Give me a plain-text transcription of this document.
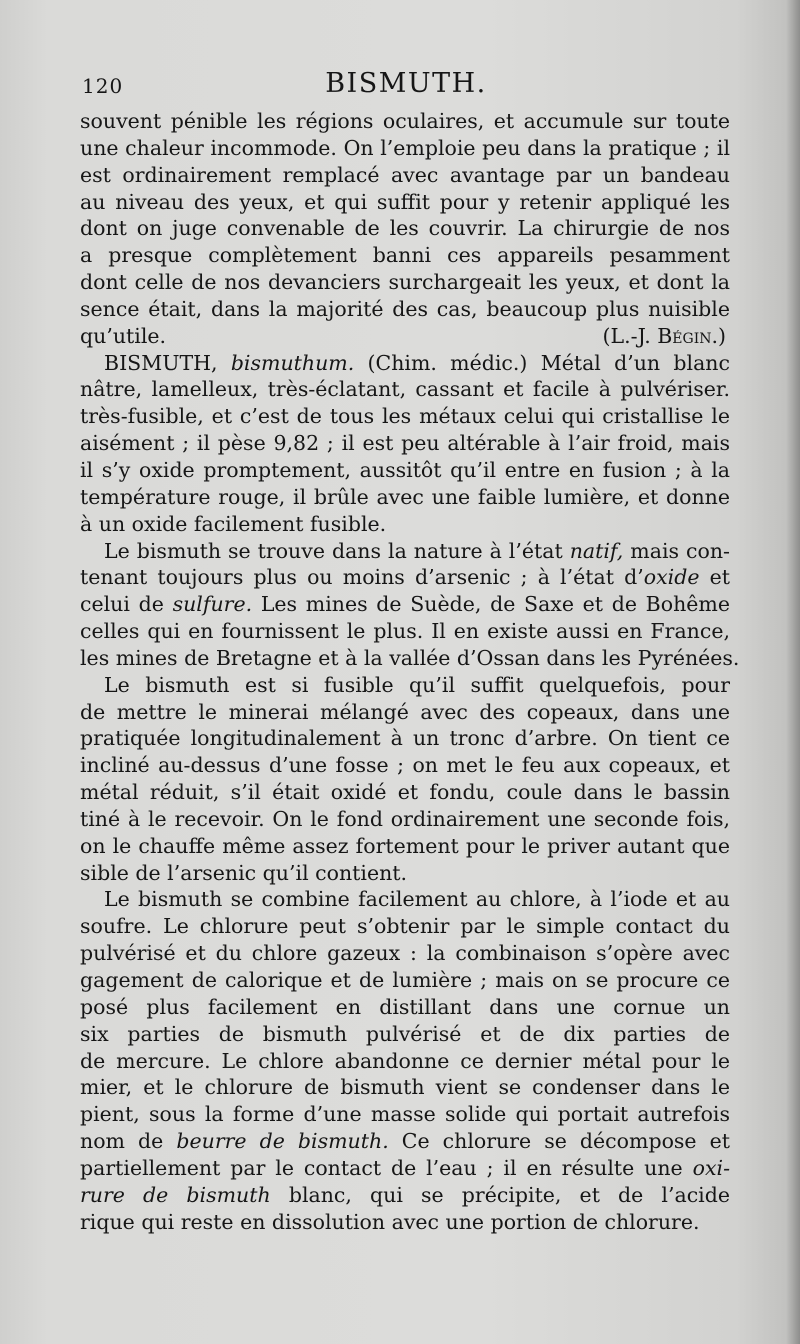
120	BISMUTH.
souvent pénible les régions oculaires, et accumule sur toute
une chaleur incommode. On l’emploie peu dans la pratique ; il
est ordinairement remplacé avec avantage par un bandeau
au niveau des yeux, et qui suffit pour y retenir appliqué les
dont on juge convenable de les couvrir. La chirurgie de nos
a presque complètement banni ces appareils pesamment
dont celle de nos devanciers surchargeait les yeux, et dont la
sence était, dans la majorité des cas, beaucoup plus nuisible
qu’utile.	(L.-J. Bégin.)
BISMUTH, bismuthum. (Chim. médic.) Métal d’un blanc
nâtre, lamelleux, très-éclatant, cassant et facile à pulvériser.
très-fusible, et c’est de tous les métaux celui qui cristallise le
aisément ; il pèse 9,82 ; il est peu altérable à l’air froid, mais
il s’y oxide promptement, aussitôt qu’il entre en fusion ; à la
température rouge, il brûle avec une faible lumière, et donne
à un oxide facilement fusible.
Le bismuth se trouve dans la nature à l’état natif, mais con-
tenant toujours plus ou moins d’arsenic ; à l’état d’oxide et
celui de sulfure. Les mines de Suède, de Saxe et de Bohême
celles qui en fournissent le plus. Il en existe aussi en France,
les mines de Bretagne et à la vallée d’Ossan dans les Pyrénées.
Le bismuth est si fusible qu’il suffit quelquefois, pour
de mettre le minerai mélangé avec des copeaux, dans une
pratiquée longitudinalement à un tronc d’arbre. On tient ce
incliné au-dessus d’une fosse ; on met le feu aux copeaux, et
métal réduit, s’il était oxidé et fondu, coule dans le bassin
tiné à le recevoir. On le fond ordinairement une seconde fois,
on le chauffe même assez fortement pour le priver autant que
sible de l’arsenic qu’il contient.
Le bismuth se combine facilement au chlore, à l’iode et au
soufre. Le chlorure peut s’obtenir par le simple contact du
pulvérisé et du chlore gazeux : la combinaison s’opère avec
gagement de calorique et de lumière ; mais on se procure ce
posé plus facilement en distillant dans une cornue un
six parties de bismuth pulvérisé et de dix parties de
de mercure. Le chlore abandonne ce dernier métal pour le
mier, et le chlorure de bismuth vient se condenser dans le
pient, sous la forme d’une masse solide qui portait autrefois
nom de beurre de bismuth. Ce chlorure se décompose et
partiellement par le contact de l’eau ; il en résulte une oxi-
rure de bismuth blanc, qui se précipite, et de l’acide
rique qui reste en dissolution avec une portion de chlorure.
